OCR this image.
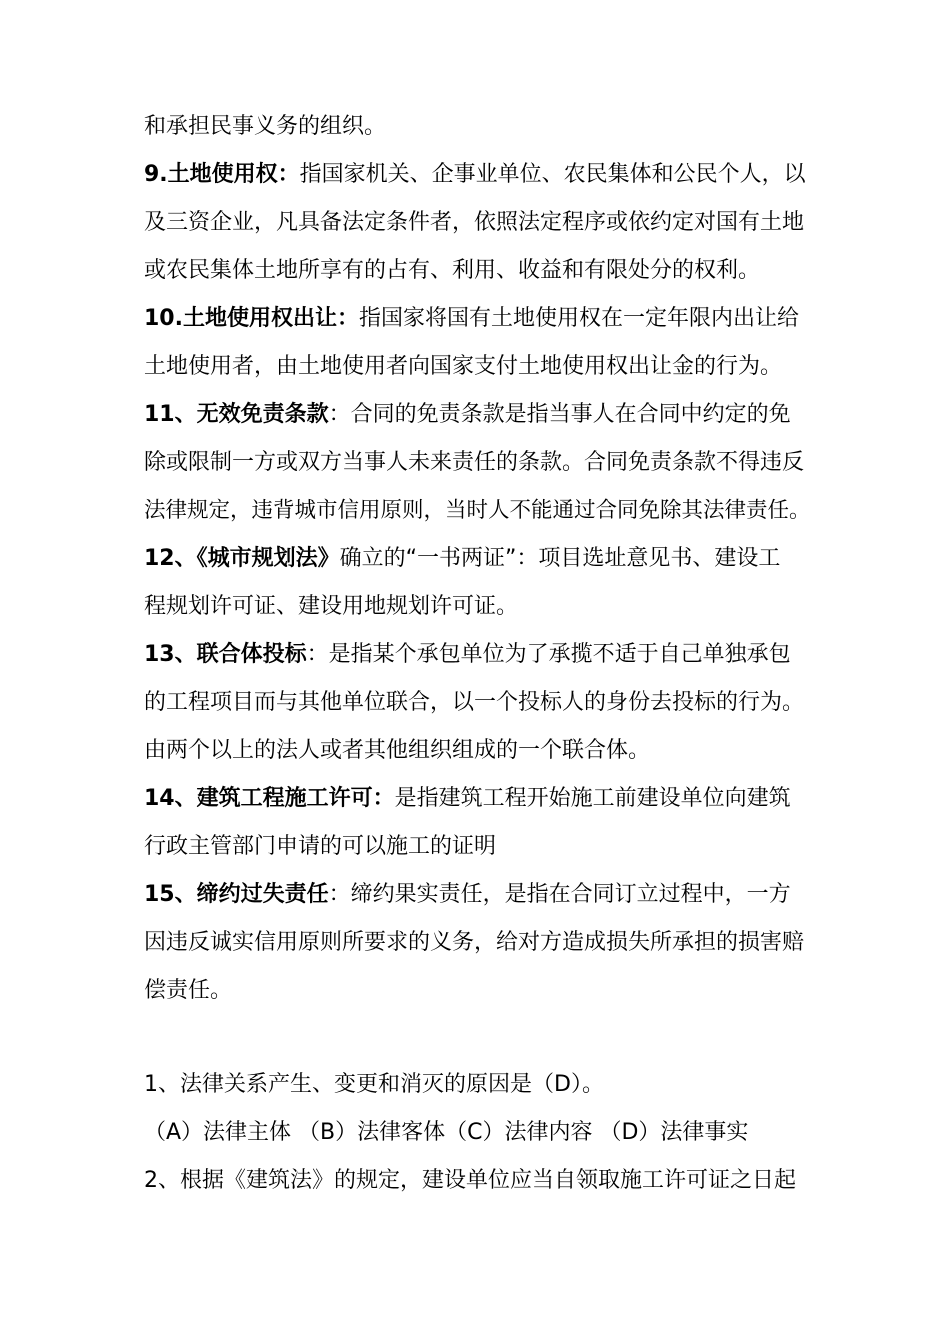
和承担民事义务的组织。
9.土地使用权：指国家机关、企事业单位、农民集体和公民个人，以
及三资企业，凡具备法定条件者，依照法定程序或依约定对国有土地
或农民集体土地所享有的占有、利用、收益和有限处分的权利。
10.土地使用权出让：指国家将国有土地使用权在一定年限内出让给
土地使用者，由土地使用者向国家支付土地使用权出让金的行为。
11、无效免责条款：合同的免责条款是指当事人在合同中约定的免
除或限制一方或双方当事人未来责任的条款。合同免责条款不得违反
法律规定，违背城市信用原则，当时人不能通过合同免除其法律责任。
12、《城市规划法》确立的“一书两证”：项目选址意见书、建设工
程规划许可证、建设用地规划许可证。
13、联合体投标：是指某个承包单位为了承揽不适于自己单独承包
的工程项目而与其他单位联合，以一个投标人的身份去投标的行为。
由两个以上的法人或者其他组织组成的一个联合体。
14、建筑工程施工许可：是指建筑工程开始施工前建设单位向建筑
行政主管部门申请的可以施工的证明
15、缔约过失责任：缔约果实责任，是指在合同订立过程中，一方
因违反诚实信用原则所要求的义务，给对方造成损失所承担的损害赔
偿责任。
1、法律关系产生、变更和消灭的原因是（D）。
（A）法律主体 （B）法律客体（C）法律内容 （D）法律事实
2、根据《建筑法》的规定，建设单位应当自领取施工许可证之日起
